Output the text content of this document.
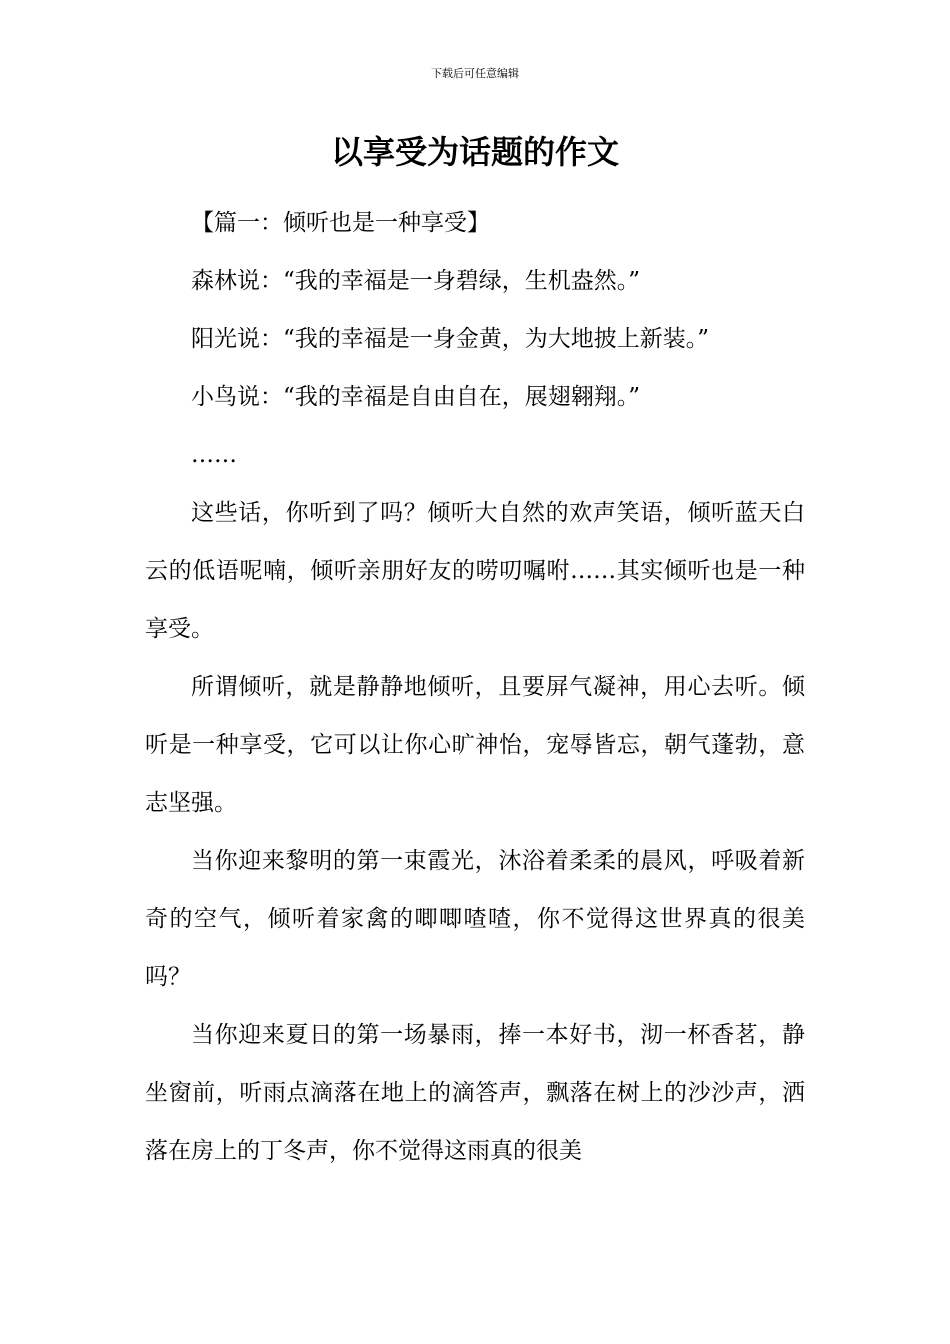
下载后可任意编辑
以享受为话题的作文

【篇一：倾听也是一种享受】

森林说：“我的幸福是一身碧绿，生机盎然。”

阳光说：“我的幸福是一身金黄，为大地披上新装。”

小鸟说：“我的幸福是自由自在，展翅翱翔。”

……

这些话，你听到了吗？倾听大自然的欢声笑语，倾听蓝天白云的低语呢喃，倾听亲朋好友的唠叨嘱咐……其实倾听也是一种享受。

所谓倾听，就是静静地倾听，且要屏气凝神，用心去听。倾听是一种享受，它可以让你心旷神怡，宠辱皆忘，朝气蓬勃，意志坚强。

当你迎来黎明的第一束霞光，沐浴着柔柔的晨风，呼吸着新奇的空气，倾听着家禽的唧唧喳喳，你不觉得这世界真的很美吗？

当你迎来夏日的第一场暴雨，捧一本好书，沏一杯香茗，静坐窗前，听雨点滴落在地上的滴答声，飘落在树上的沙沙声，洒落在房上的丁冬声，你不觉得这雨真的很美
